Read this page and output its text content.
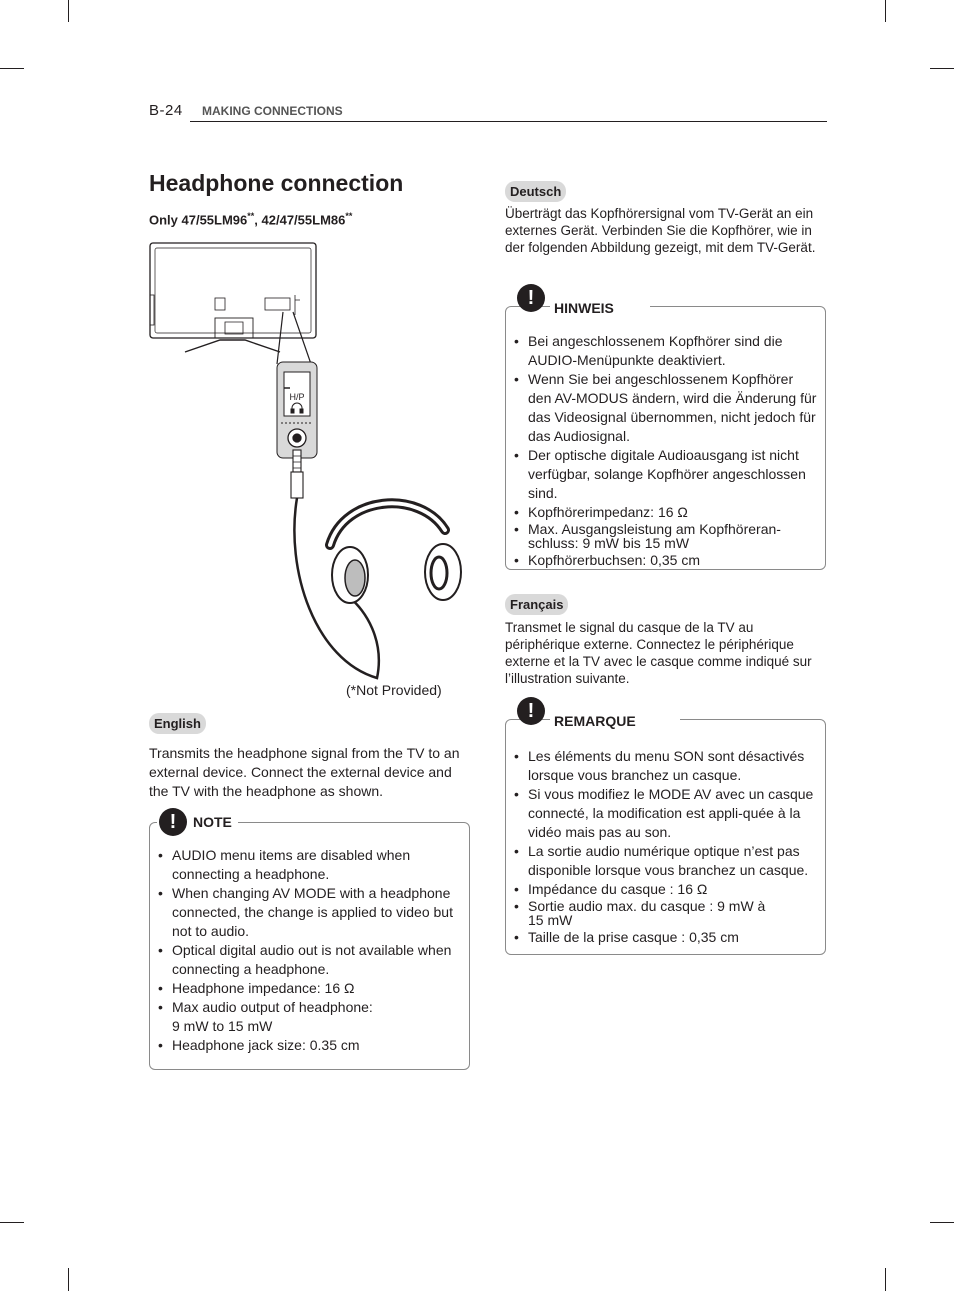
B-24 MAKING CONNECTIONS
Headphone connection
Only 47/55LM96**, 42/47/55LM86**
H/P
(*Not Provided)
English

Transmits the headphone signal from the TV to an external device. Connect the external device and the TV with the headphone as shown.

!	NOTE
• AUDIO menu items are disabled when connecting a headphone.
• When changing AV MODE with a headphone connected, the change is applied to video but not to audio.
• Optical digital audio out is not available when connecting a headphone.
• Headphone impedance: 16 Ω
• Max audio output of headphone: 9 mW to 15 mW
• Headphone jack size: 0.35 cm
Deutsch

Überträgt das Kopfhörersignal vom TV-Gerät an ein externes Gerät. Verbinden Sie die Kopfhörer, wie in der folgenden Abbildung gezeigt, mit dem TV-Gerät.

!	HINWEIS
• Bei angeschlossenem Kopfhörer sind die AUDIO-Menüpunkte deaktiviert.
• Wenn Sie bei angeschlossenem Kopfhörer den AV-MODUS ändern, wird die Änderung für das Videosignal übernommen, nicht jedoch für das Audiosignal.
• Der optische digitale Audioausgang ist nicht verfügbar, solange Kopfhörer angeschlossen sind.
• Kopfhörerimpedanz: 16 Ω
• Max. Ausgangsleistung am Kopfhöreran-schluss: 9 mW bis 15 mW
• Kopfhörerbuchsen: 0,35 cm
Français

Transmet le signal du casque de la TV au périphérique externe. Connectez le périphérique externe et la TV avec le casque comme indiqué sur l’illustration suivante.

!	REMARQUE
• Les éléments du menu SON sont désactivés lorsque vous branchez un casque.
• Si vous modifiez le MODE AV avec un casque connecté, la modification est appli-quée à la vidéo mais pas au son.
• La sortie audio numérique optique n’est pas disponible lorsque vous branchez un casque.
• Impédance du casque : 16 Ω
• Sortie audio max. du casque : 9 mW à 15 mW
• Taille de la prise casque : 0,35 cm
